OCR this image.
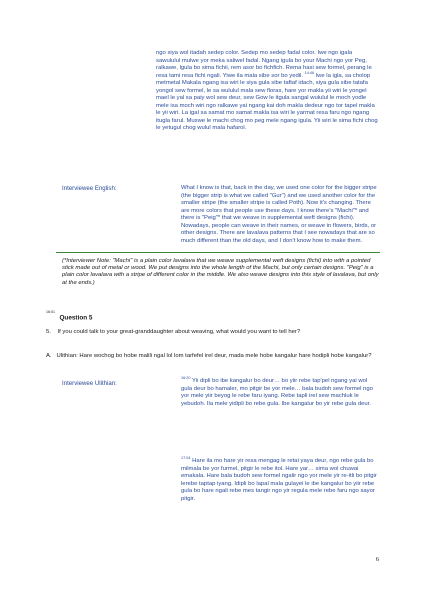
ngo siya wol itadah sedep color. Sedep mo sedep fadal color. Iwe ngo igala sawululul mulwe yor meka saliwel fadal. Ngang igula bo your Machi ngo yor Peg, ralkawe, lgula bo sima fichii, rem asor bo fichfich. Rema hasi sew formel, perang le resa tami resa fichi ngali. Yiwe ila mala sibe sor bo yedil. $^{14:46}$ lwe la igla, sa cholop metmetal Makala ngang isa wiri le siya gula sibe taftaf idach, siya gula sibe tatafa yongol sew formel, le sa wululul mala sew floras, hare yor makla yii wiri le yongel mael le yal sa paiy wol sew deur, sew Gow le itgula sangal wululul le moch yodle mele isa moch wiri ngo ralkawe yai ngang kai doh makla dedeur ngo tor tapel makla le yii wiri. La igal sa samat mo samat makla isa wiri le yarmat resa faru ngo ngang itugla farul. Muswe le machi chog mo peg mele ngang igula. Yii wiri le sima fichi chog le yetugul chog wulul mala hafarol.

Interviewee English:	What I know is that, back in the day, we used one color for the bigger stripe (the bigger strip is what we called "Gur") and we used another color for the smaller stripe (the smaller stripe is called Poth). Now it's changing. There are more colors that people use these days. I know there's "Machi"* and there is "Peig"* that we weave in supplemental weft designs (fichi). Nowadays, people can weave in their names, or weave in flowers, birds, or other designs. There are lavalava patterns that I see nowadays that are so much different than the old days, and I don't know how to make them.

(*Interviewer Note: "Machi" is a plain color lavalava that we weave supplemental weft designs (fichi) into with a pointed stick made out of metal or wood. We put designs into the whole length of the Machi, but only certain designs. "Peig" is a plain color lavalava with a stripe of different color in the middle. We also weave designs into this style of lavalava, but only at the ends.)

$^{16:01}$ Question 5

5. If you could talk to your great-granddaughter about weaving, what would you want to tell her?

A. Ulithian: Hare wochog bo hobe malili ngal lol lom tarfefel irel deur, mada mele hobe kangalur hare hodipli hobe kangalur?

Interviewee Ulithian:

$^{16:20}$ Yii dipli bo ibe kangalur bo deur… bo yiir rebe tap'pel ngang yai wol gula deur bo hamaler, mo pitgir be yor mele… bala budoh sew formel ngo yor mele yiir beyog le rebe faru iyang. Rebe tapli irel sew machluk le yebudoh. Ila mele yidipli bo rebe gula. Ibe kangalur bo yir rebe gula deur.

$^{17:04}$ Hare ila mo hare yir resa mengag le retai yaya deur, ngo rebe gula bo milmala be yor furmel, pitgir le rebe itol. Hare yar… sima wol chuwai emakala. Hare bala budoh sew formel ngalir ngo yor mele yir re-itli bo pitgir lerebe taptap iyang. Idipli bo lapal mala gulayei le ibe kangalur bo yiir rebe gula bo hare ngali rebe mes tangir ngo yir regula mele rebe faru ngo sayor pitgir.

6
